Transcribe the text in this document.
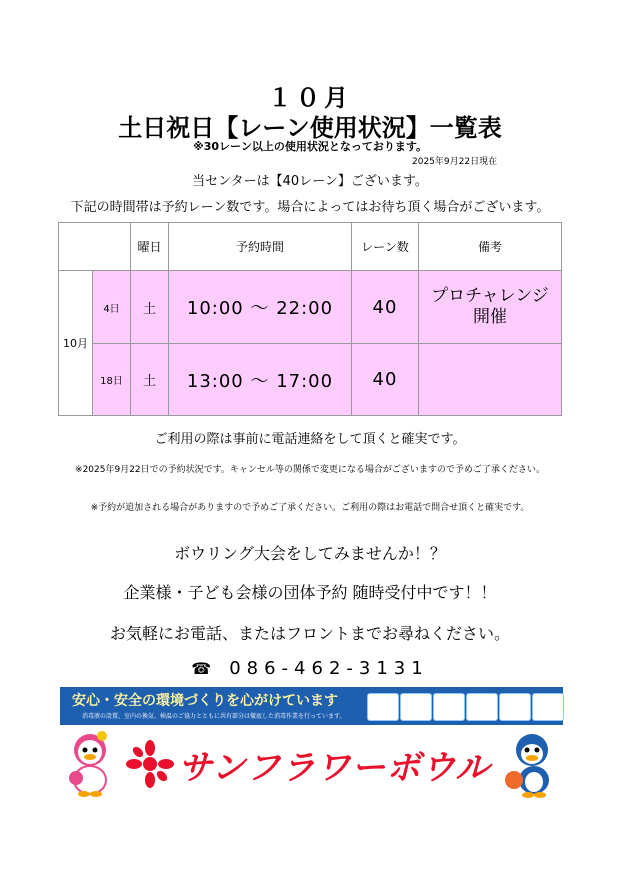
１０月
土日祝日【レーン使用状況】一覧表
※30レーン以上の使用状況となっております。
2025年9月22日現在
当センターは【40レーン】ございます。
下記の時間帯は予約レーン数です。場合によってはお待ち頂く場合がございます。
		曜日	予約時間	レーン数	備考
10月	4日	土	10:00 ～ 22:00	40	プロチャレンジ
開催

	18日	土	13:00 ～ 17:00	40	
ご利用の際は事前に電話連絡をして頂くと確実です。
※2025年9月22日での予約状況です。キャンセル等の関係で変更になる場合がございますので予めご了承ください。
※予約が追加される場合がありますので予めご了承ください。ご利用の際はお電話で問合せ頂くと確実です。
ボウリング大会をしてみませんか！？
企業様・子ども会様の団体予約 随時受付中です！！
お気軽にお電話、またはフロントまでお尋ねください。
☎ 086-462-3131
安心・安全の環境づくりを心がけています
消毒液の設置、室内の換気、検温のご協力とともに共有部分は徹底した消毒作業を行っています。
サンフラワーボウル
